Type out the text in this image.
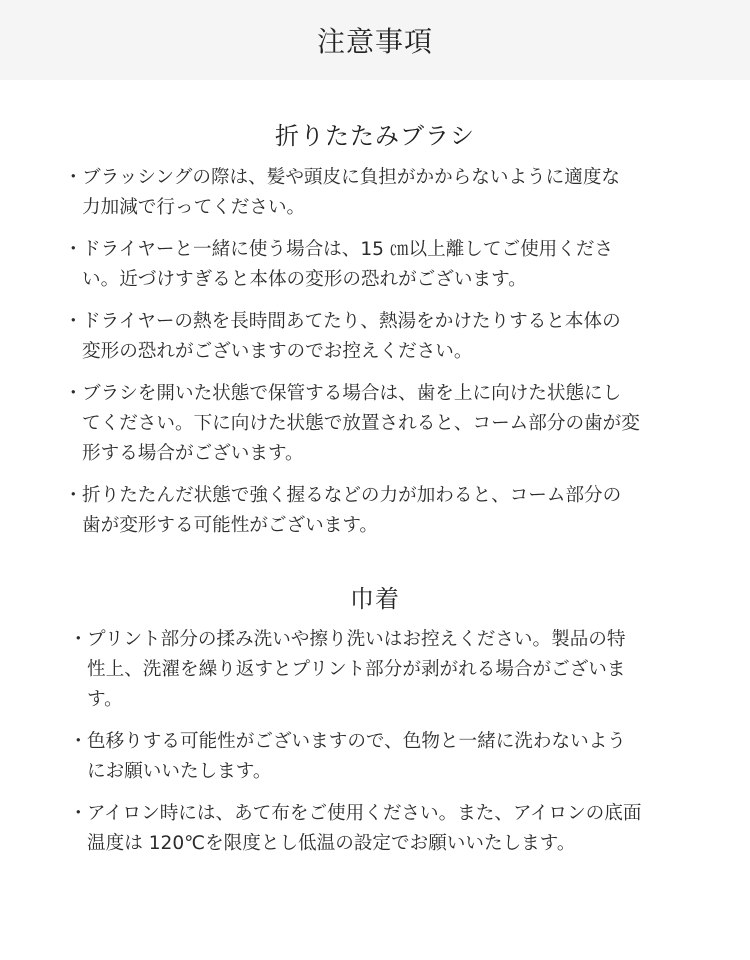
注意事項
折りたたみブラシ
・ ブラッシングの際は、髪や頭皮に負担がかからないように適度な
力加減で行ってください。
・ ドライヤーと一緒に使う場合は、15 ㎝以上離してご使用くださ
い。近づけすぎると本体の変形の恐れがございます。
・ ドライヤーの熱を長時間あてたり、熱湯をかけたりすると本体の
変形の恐れがございますのでお控えください。
・ ブラシを開いた状態で保管する場合は、歯を上に向けた状態にし
てください。下に向けた状態で放置されると、コーム部分の歯が変
形する場合がございます。
・ 折りたたんだ状態で強く握るなどの力が加わると、コーム部分の
歯が変形する可能性がございます。
巾着
・ プリント部分の揉み洗いや擦り洗いはお控えください。製品の特
性上、洗濯を繰り返すとプリント部分が剥がれる場合がございま
す。
・ 色移りする可能性がございますので、色物と一緒に洗わないよう
にお願いいたします。
・ アイロン時には、あて布をご使用ください。また、アイロンの底面
温度は 120℃を限度とし低温の設定でお願いいたします。
